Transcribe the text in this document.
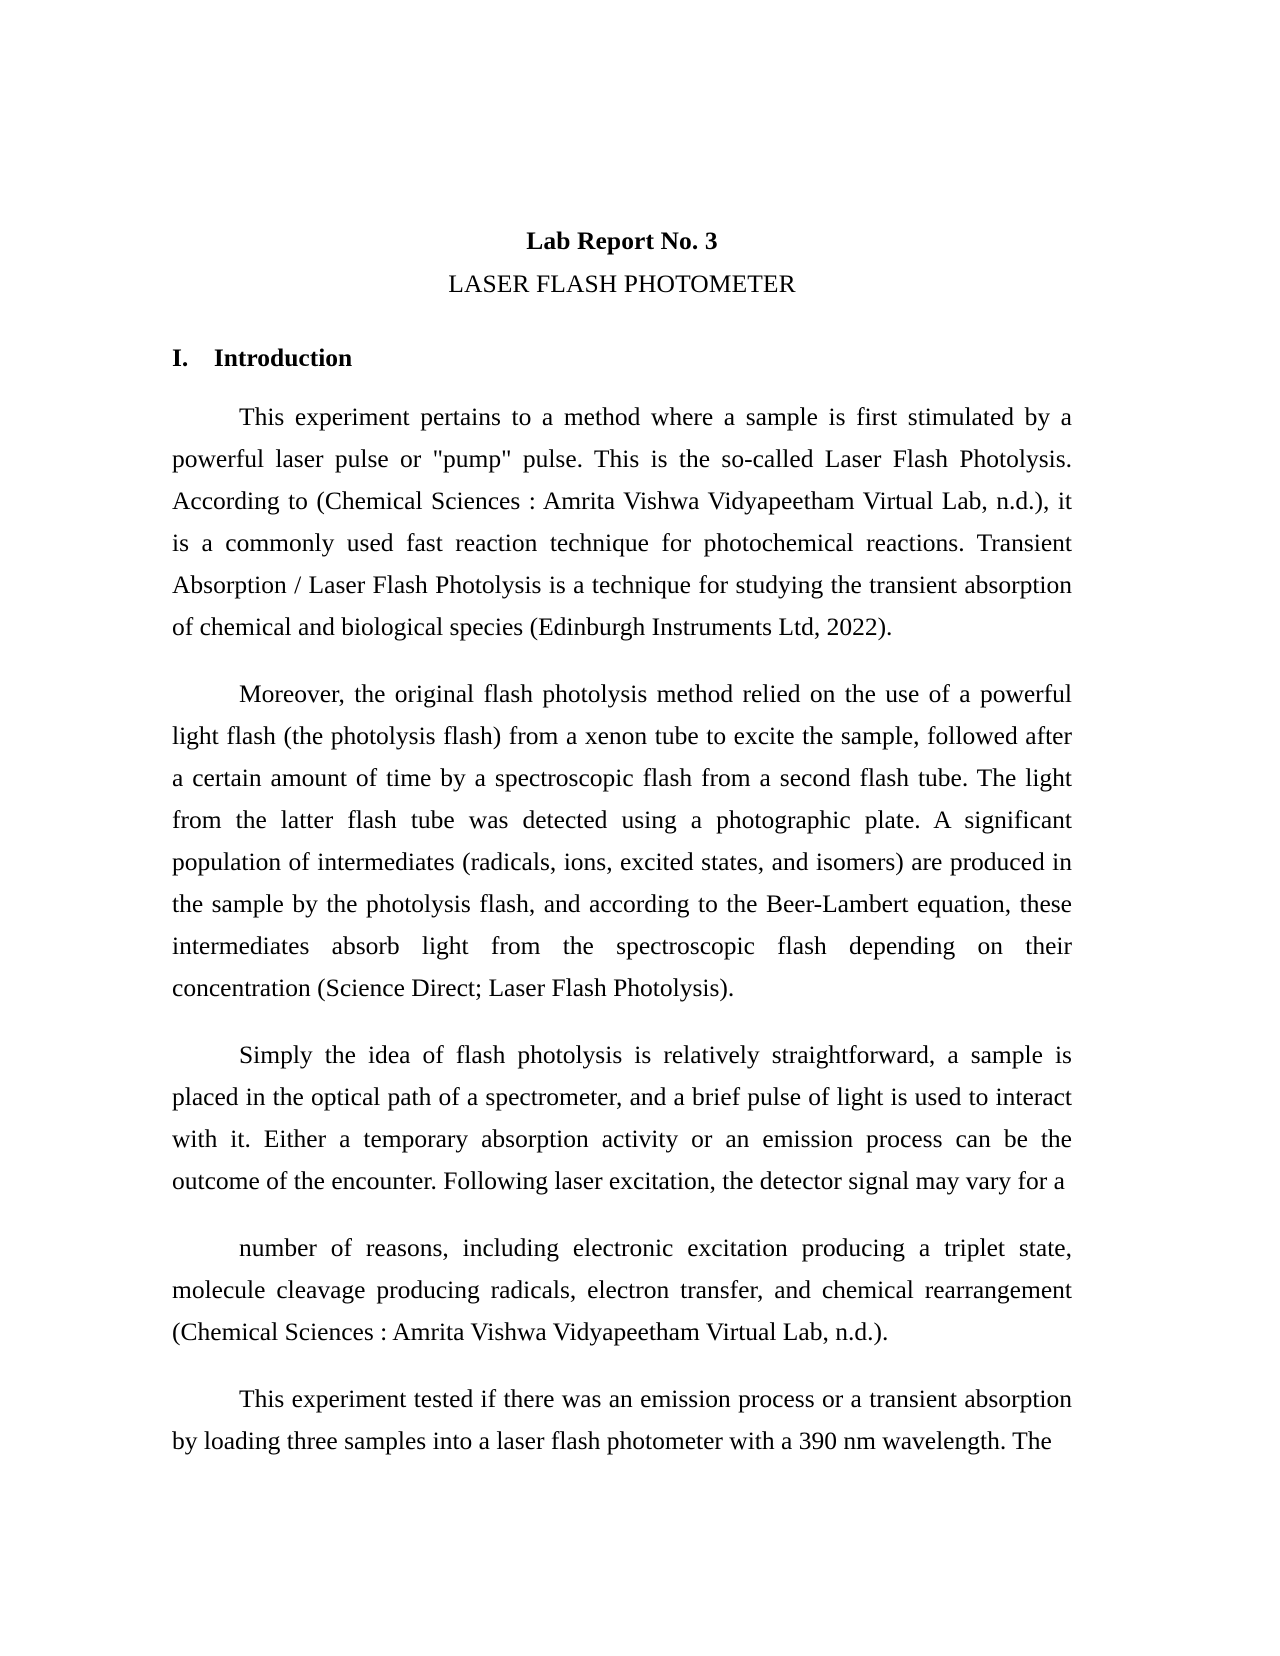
Lab Report No. 3
LASER FLASH PHOTOMETER
I. Introduction

This experiment pertains to a method where a sample is first stimulated by a powerful laser pulse or "pump" pulse. This is the so-called Laser Flash Photolysis. According to (Chemical Sciences : Amrita Vishwa Vidyapeetham Virtual Lab, n.d.), it is a commonly used fast reaction technique for photochemical reactions. Transient Absorption / Laser Flash Photolysis is a technique for studying the transient absorption of chemical and biological species (Edinburgh Instruments Ltd, 2022).

Moreover, the original flash photolysis method relied on the use of a powerful light flash (the photolysis flash) from a xenon tube to excite the sample, followed after a certain amount of time by a spectroscopic flash from a second flash tube. The light from the latter flash tube was detected using a photographic plate. A significant population of intermediates (radicals, ions, excited states, and isomers) are produced in the sample by the photolysis flash, and according to the Beer-Lambert equation, these intermediates absorb light from the spectroscopic flash depending on their concentration (Science Direct; Laser Flash Photolysis).

Simply the idea of flash photolysis is relatively straightforward, a sample is placed in the optical path of a spectrometer, and a brief pulse of light is used to interact with it. Either a temporary absorption activity or an emission process can be the outcome of the encounter. Following laser excitation, the detector signal may vary for a

number of reasons, including electronic excitation producing a triplet state, molecule cleavage producing radicals, electron transfer, and chemical rearrangement (Chemical Sciences : Amrita Vishwa Vidyapeetham Virtual Lab, n.d.).

This experiment tested if there was an emission process or a transient absorption by loading three samples into a laser flash photometer with a 390 nm wavelength. The
